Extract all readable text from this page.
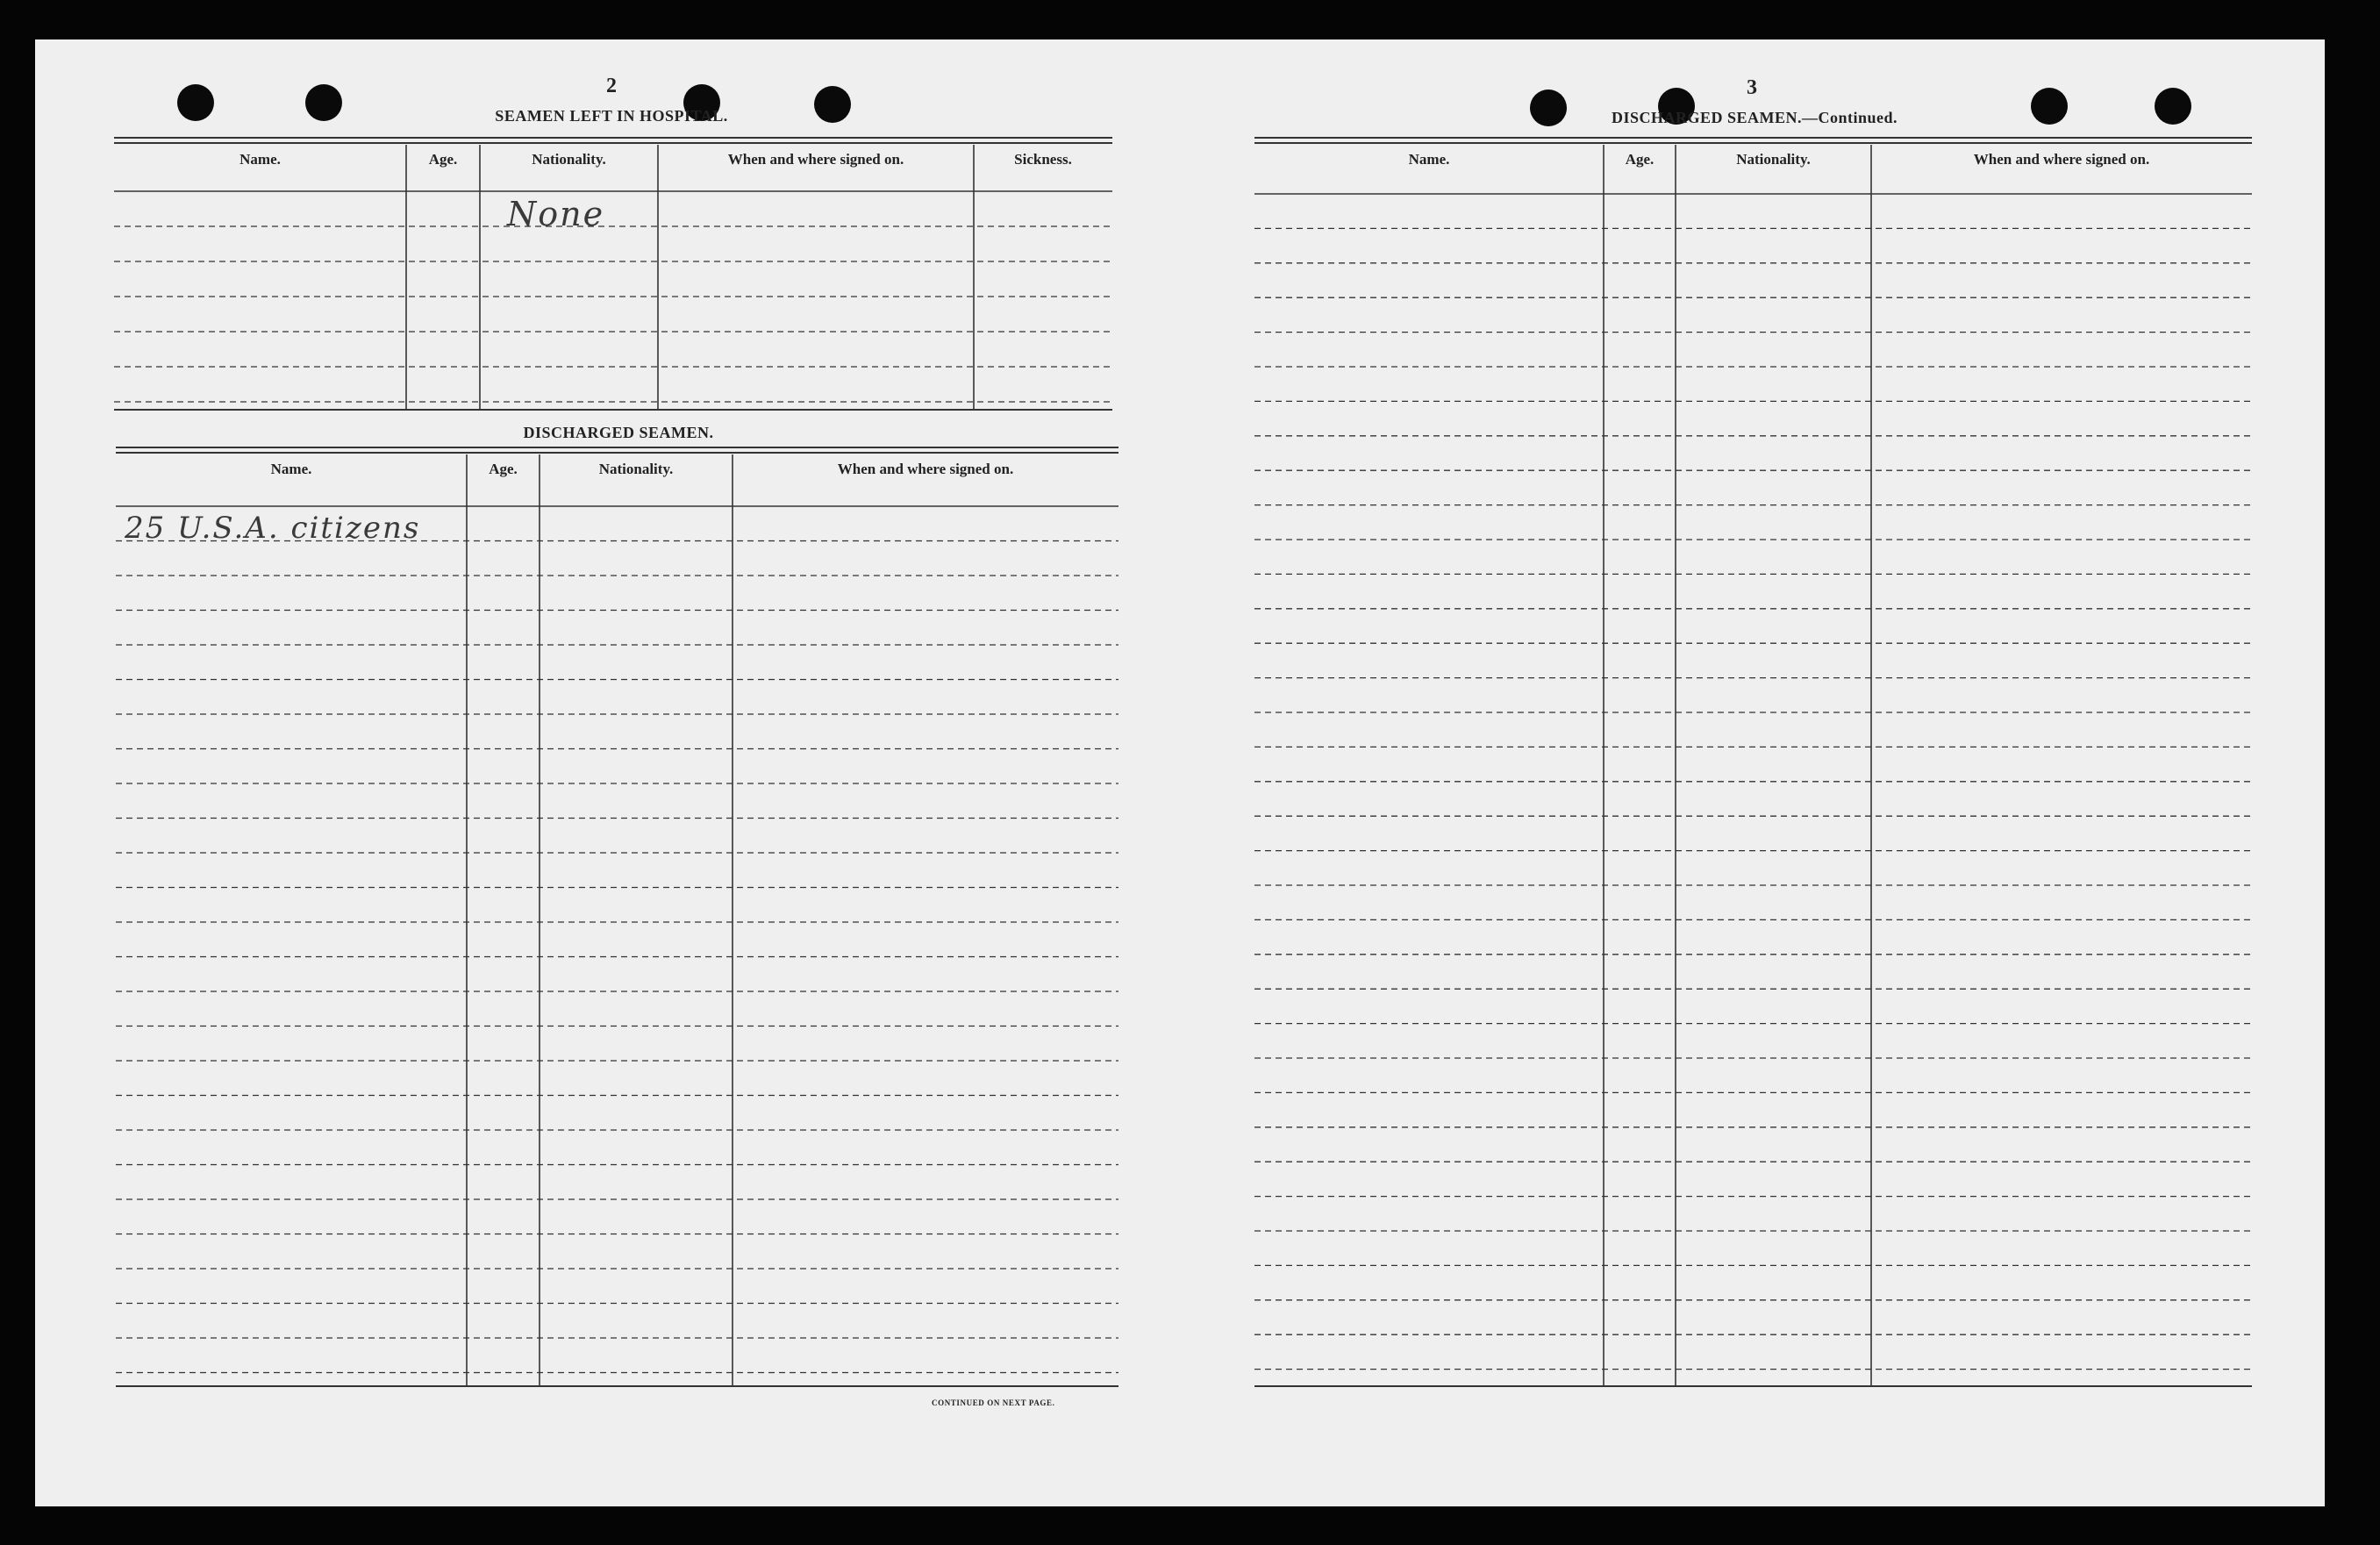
2
SEAMEN LEFT IN HOSPITAL.
DISCHARGED SEAMEN.
CONTINUED ON NEXT PAGE.
3
DISCHARGED SEAMEN.—Continued.
None
25 U.S.A. citizens
Name.	Age.	Nationality.	When and where signed on.	Sickness.
Name.	Age.	Nationality.	When and where signed on.
Name.	Age.	Nationality.	When and where signed on.
